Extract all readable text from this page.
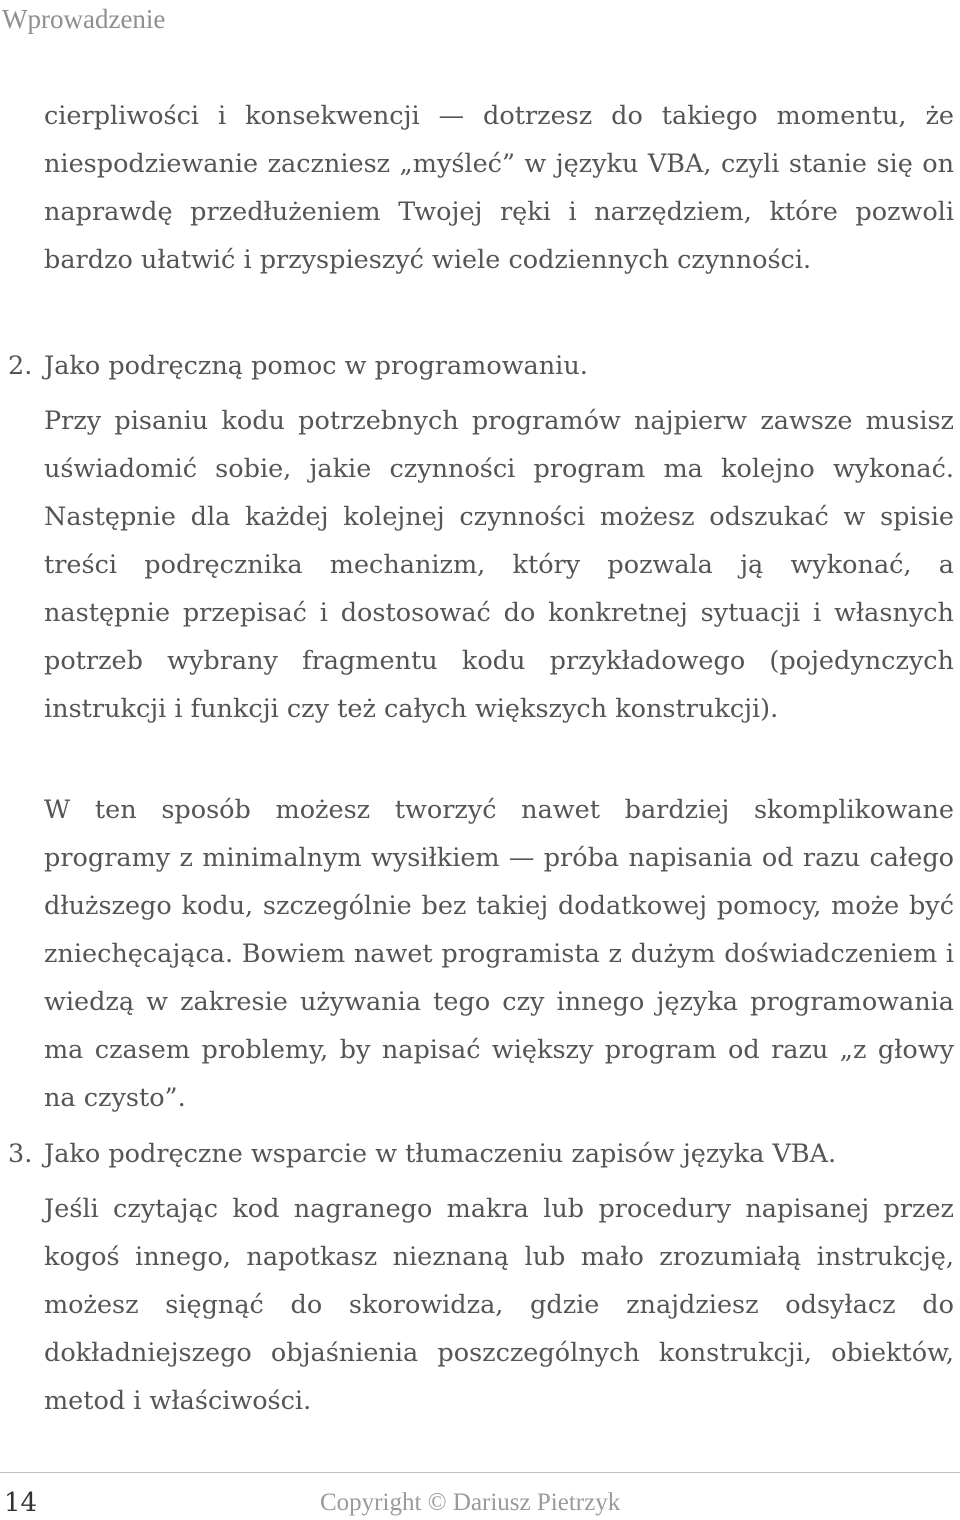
Wprowadzenie

cierpliwości i konsekwencji — dotrzesz do takiego momentu, że niespodziewanie zaczniesz „myśleć” w języku VBA, czyli stanie się on naprawdę przedłużeniem Twojej ręki i narzędziem, które pozwoli bardzo ułatwić i przyspieszyć wiele codziennych czynności.

2. Jako podręczną pomoc w programowaniu.

Przy pisaniu kodu potrzebnych programów najpierw zawsze musisz uświadomić sobie, jakie czynności program ma kolejno wykonać. Następnie dla każdej kolejnej czynności możesz odszukać w spisie treści podręcznika mechanizm, który pozwala ją wykonać, a następnie przepisać i dostosować do konkretnej sytuacji i własnych potrzeb wybrany fragmentu kodu przykładowego (pojedynczych instrukcji i funkcji czy też całych większych konstrukcji).

W ten sposób możesz tworzyć nawet bardziej skomplikowane programy z minimalnym wysiłkiem — próba napisania od razu całego dłuższego kodu, szczególnie bez takiej dodatkowej pomocy, może być zniechęcająca. Bowiem nawet programista z dużym doświadczeniem i wiedzą w zakresie używania tego czy innego języka programowania ma czasem problemy, by napisać większy program od razu „z głowy na czysto”.

3. Jako podręczne wsparcie w tłumaczeniu zapisów języka VBA.

Jeśli czytając kod nagranego makra lub procedury napisanej przez kogoś innego, napotkasz nieznaną lub mało zrozumiałą instrukcję, możesz sięgnąć do skorowidza, gdzie znajdziesz odsyłacz do dokładniejszego objaśnienia poszczególnych konstrukcji, obiektów, metod i właściwości.

14	Copyright © Dariusz Pietrzyk
